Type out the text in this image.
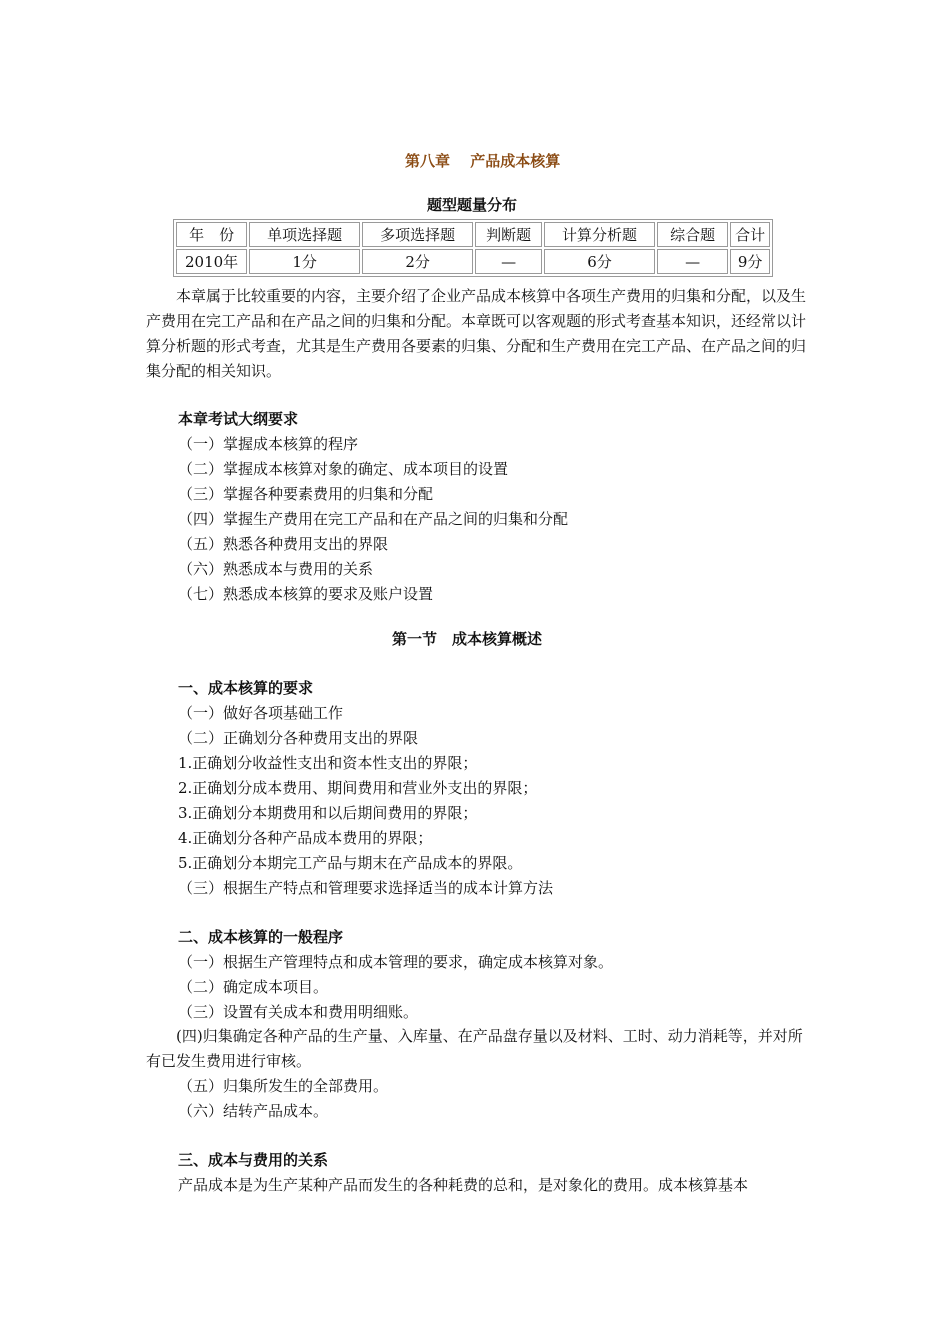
第八章　 产品成本核算
题型题量分布
年　份	单项选择题	多项选择题	判断题	计算分析题	综合题	合计
2010年	1分	2分	—	6分	—	9分
本章属于比较重要的内容，主要介绍了企业产品成本核算中各项生产费用的归集和分配，以及生产费用在完工产品和在产品之间的归集和分配。本章既可以客观题的形式考查基本知识，还经常以计算分析题的形式考查，尤其是生产费用各要素的归集、分配和生产费用在完工产品、在产品之间的归集分配的相关知识。
本章考试大纲要求
（一）掌握成本核算的程序
（二）掌握成本核算对象的确定、成本项目的设置
（三）掌握各种要素费用的归集和分配
（四）掌握生产费用在完工产品和在产品之间的归集和分配
（五）熟悉各种费用支出的界限
（六）熟悉成本与费用的关系
（七）熟悉成本核算的要求及账户设置
第一节　成本核算概述
一、成本核算的要求
（一）做好各项基础工作
（二）正确划分各种费用支出的界限
1.正确划分收益性支出和资本性支出的界限；
2.正确划分成本费用、期间费用和营业外支出的界限；
3.正确划分本期费用和以后期间费用的界限；
4.正确划分各种产品成本费用的界限；
5.正确划分本期完工产品与期末在产品成本的界限。
（三）根据生产特点和管理要求选择适当的成本计算方法
二、成本核算的一般程序
（一）根据生产管理特点和成本管理的要求，确定成本核算对象。
（二）确定成本项目。
（三）设置有关成本和费用明细账。
(四)归集确定各种产品的生产量、入库量、在产品盘存量以及材料、工时、动力消耗等，并对所有已发生费用进行审核。
（五）归集所发生的全部费用。
（六）结转产品成本。
三、成本与费用的关系
产品成本是为生产某种产品而发生的各种耗费的总和，是对象化的费用。成本核算基本
